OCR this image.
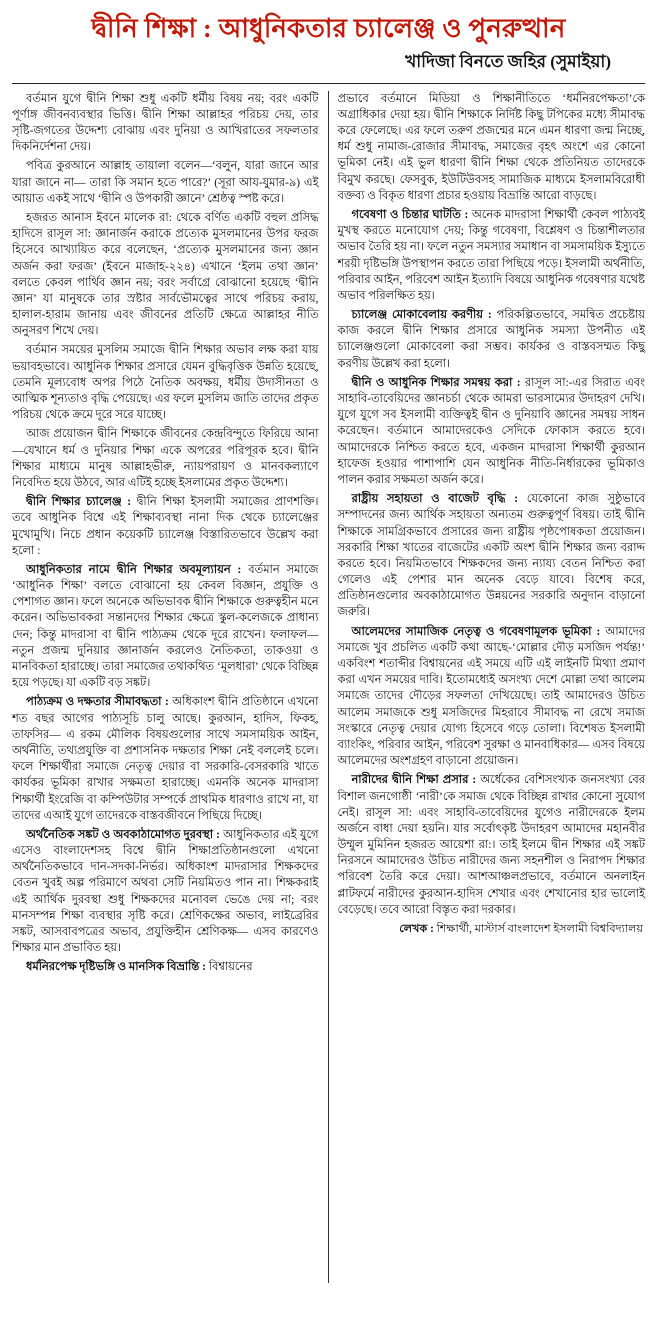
দ্বীনি শিক্ষা : আধুনিকতার চ্যালেঞ্জ ও পুনরুত্থান
খাদিজা বিনতে জহির (সুমাইয়া)

বর্তমান যুগে দ্বীনি শিক্ষা শুধু একটি ধর্মীয় বিষয় নয়; বরং একটি পূর্ণাঙ্গ জীবনব্যবস্থার ভিত্তি। দ্বীনি শিক্ষা আল্লাহর পরিচয় দেয়, তার সৃষ্টি-জগতের উদ্দেশ্য বোঝায় এবং দুনিয়া ও আখিরাতের সফলতার দিকনির্দেশনা দেয়।

পবিত্র কুরআনে আল্লাহ তায়ালা বলেন—‘বলুন, যারা জানে আর যারা জানে না— তারা কি সমান হতে পারে?’ (সূরা আয-যুমার-৯) এই আয়াত একই সাথে ‘দ্বীনি ও উপকারী জ্ঞানে’ শ্রেষ্ঠত্ব স্পষ্ট করে।

হজরত আনাস ইবনে মালেক রা: থেকে বর্ণিত একটি বহুল প্রসিদ্ধ হাদিসে রাসূল সা: জ্ঞানার্জন করাকে প্রত্যেক মুসলমানের উপর ফরজ হিসেবে আখ্যায়িত করে বলেছেন, ‘প্রত্যেক মুসলমানের জন্য জ্ঞান অর্জন করা ফরজ’ (ইবনে মাজাহ-২২৪) এখানে ‘ইলম তথা জ্ঞান’ বলতে কেবল পার্থিব জ্ঞান নয়; বরং সর্বাগ্রে বোঝানো হয়েছে ‘দ্বীনি জ্ঞান’ যা মানুষকে তার স্রষ্টার সার্বভৌমত্বের সাথে পরিচয় করায়, হালাল-হারাম জানায় এবং জীবনের প্রতিটি ক্ষেত্রে আল্লাহর নীতি অনুসরণ শিখে দেয়।

বর্তমান সময়ের মুসলিম সমাজে দ্বীনি শিক্ষার অভাব লক্ষ করা যায় ভয়াবহভাবে। আধুনিক শিক্ষার প্রসারে যেমন বুদ্ধিবৃত্তিক উন্নতি হয়েছে, তেমনি মূল্যবোধ অপর পিঠে নৈতিক অবক্ষয়, ধর্মীয় উদাসীনতা ও আত্মিক শূন্যতাও বৃদ্ধি পেয়েছে। এর ফলে মুসলিম জাতি তাদের প্রকৃত পরিচয় থেকে ক্রমে দূরে সরে যাচ্ছে।

আজ প্রয়োজন দ্বীনি শিক্ষাকে জীবনের কেন্দ্রবিন্দুতে ফিরিয়ে আনা—যেখানে ধর্ম ও দুনিয়ার শিক্ষা একে অপরের পরিপূরক হবে। দ্বীনি শিক্ষার মাধ্যমে মানুষ আল্লাহভীরু, ন্যায়পরায়ণ ও মানবকল্যাণে নিবেদিত হয়ে উঠবে, আর এটিই হচ্ছে ইসলামের প্রকৃত উদ্দেশ্য।

দ্বীনি শিক্ষার চ্যালেঞ্জ : দ্বীনি শিক্ষা ইসলামী সমাজের প্রাণশক্তি। তবে আধুনিক বিশ্বে এই শিক্ষাব্যবস্থা নানা দিক থেকে চ্যালেঞ্জের মুখোমুখি। নিচে প্রধান কয়েকটি চ্যালেঞ্জ বিস্তারিতভাবে উল্লেখ করা হলো :

আধুনিকতার নামে দ্বীনি শিক্ষার অবমূল্যায়ন : বর্তমান সমাজে ‘আধুনিক শিক্ষা’ বলতে বোঝানো হয় কেবল বিজ্ঞান, প্রযুক্তি ও পেশাগত জ্ঞান। ফলে অনেকে অভিভাবক দ্বীনি শিক্ষাকে গুরুত্বহীন মনে করেন। অভিভাবকরা সন্তানদের শিক্ষার ক্ষেত্রে স্কুল-কলেজকে প্রাধান্য দেন; কিন্তু মাদরাসা বা দ্বীনি পাঠ্যক্রম থেকে দূরে রাখেন। ফলাফল— নতুন প্রজন্ম দুনিয়ার জ্ঞানার্জন করলেও নৈতিকতা, তাকওয়া ও মানবিকতা হারাচ্ছে। তারা সমাজের তথাকথিত ‘মূলধারা’ থেকে বিচ্ছিন্ন হয়ে পড়ছে। যা একটি বড় সঙ্কট।

পাঠ্যক্রম ও দক্ষতার সীমাবদ্ধতা : অধিকাংশ দ্বীনি প্রতিষ্ঠানে এখনো শত বছর আগের পাঠ্যসূচি চালু আছে। কুরআন, হাদিস, ফিকহ, তাফসির— এ রকম মৌলিক বিষয়গুলোর সাথে সমসাময়িক আইন, অর্থনীতি, তথ্যপ্রযুক্তি বা প্রশাসনিক দক্ষতার শিক্ষা নেই বললেই চলে। ফলে শিক্ষার্থীরা সমাজে নেতৃত্ব দেয়ার বা সরকারি-বেসরকারি খাতে কার্যকর ভূমিকা রাখার সক্ষমতা হারাচ্ছে। এমনকি অনেক মাদরাসা শিক্ষার্থী ইংরেজি বা কম্পিউটার সম্পর্কে প্রাথমিক ধারণাও রাখে না, যা তাদের এআই যুগে তাদেরকে বাস্তবজীবনে পিছিয়ে দিচ্ছে।

অর্থনৈতিক সঙ্কট ও অবকাঠামোগত দুরবস্থা : আধুনিকতার এই যুগে এসেও বাংলাদেশসহ বিশ্বে দ্বীনি শিক্ষাপ্রতিষ্ঠানগুলো এখনো অর্থনৈতিকভাবে দান-সদকা-নির্ভর। অধিকাংশ মাদরাসার শিক্ষকদের বেতন খুবই অল্প পরিমাণে অথবা সেটি নিয়মিতও পান না। শিক্ষকরাই এই আর্থিক দুরবস্থা শুধু শিক্ষকদের মনোবল ভেঙে দেয় না; বরং মানসম্পন্ন শিক্ষা ব্যবস্থার সৃষ্টি করে। শ্রেণিকক্ষের অভাব, লাইব্রেরির সঙ্কট, আসবাবপত্রের অভাব, প্রযুক্তিহীন শ্রেণিকক্ষ— এসব কারণেও শিক্ষার মান প্রভাবিত হয়।

ধর্মনিরপেক্ষ দৃষ্টিভঙ্গি ও মানসিক বিভ্রান্তি : বিশ্বায়নের

প্রভাবে বর্তমানে মিডিয়া ও শিক্ষানীতিতে ‘ধর্মনিরপেক্ষতা’কে অগ্রাধিকার দেয়া হয়। দ্বীনি শিক্ষাকে নির্দিষ্ট কিছু টপিকের মধ্যে সীমাবদ্ধ করে ফেলেছে। এর ফলে তরুণ প্রজন্মের মনে এমন ধারণা জন্ম নিচ্ছে, ধর্ম শুধু নামাজ-রোজার সীমাবদ্ধ, সমাজের বৃহৎ অংশে এর কোনো ভূমিকা নেই। এই ভুল ধারণা দ্বীনি শিক্ষা থেকে প্রতিনিয়ত তাদেরকে বিমুখ করছে। ফেসবুক, ইউটিউবসহ সামাজিক মাধ্যমে ইসলামবিরোধী বক্তব্য ও বিকৃত ধারণা প্রচার হওয়ায় বিভ্রান্তি আরো বাড়ছে।

গবেষণা ও চিন্তার ঘাটতি : অনেক মাদরাসা শিক্ষার্থী কেবল পাঠ্যবই মুখস্থ করতে মনোযোগ দেয়; কিন্তু গবেষণা, বিশ্লেষণ ও চিন্তাশীলতার অভাব তৈরি হয় না। ফলে নতুন সমস্যার সমাধান বা সমসাময়িক ইস্যুতে শরয়ী দৃষ্টিভঙ্গি উপস্থাপন করতে তারা পিছিয়ে পড়ে। ইসলামী অর্থনীতি, পরিবার আইন, পরিবেশ আইন ইত্যাদি বিষয়ে আধুনিক গবেষণার যথেষ্ট অভাব পরিলক্ষিত হয়।

চ্যালেঞ্জ মোকাবেলায় করণীয় : পরিকল্পিতভাবে, সমন্বিত প্রচেষ্টায় কাজ করলে দ্বীনি শিক্ষার প্রসারে আধুনিক সমস্যা উপনীত এই চ্যালেঞ্জগুলো মোকাবেলা করা সম্ভব। কার্যকর ও বাস্তবসম্মত কিছু করণীয় উল্লেখ করা হলো।

দ্বীনি ও আধুনিক শিক্ষার সমন্বয় করা : রাসূল সা:-এর সিরাত এবং সাহাবি-তাবেয়িদের জ্ঞানচর্চা থেকে আমরা ভারসাম্যের উদাহরণ দেখি। যুগে যুগে সব ইসলামী ব্যক্তিত্বই দ্বীন ও দুনিয়াবি জ্ঞানের সমন্বয় সাধন করেছেন। বর্তমানে আমাদেরকেও সেদিকে ফোকাস করতে হবে। আমাদেরকে নিশ্চিত করতে হবে, একজন মাদরাসা শিক্ষার্থী কুরআন হাফেজ হওয়ার পাশাপাশি যেন আধুনিক নীতি-নির্ধারকের ভূমিকাও পালন করার সক্ষমতা অর্জন করে।

রাষ্ট্রীয় সহায়তা ও বাজেট বৃদ্ধি : যেকোনো কাজ সুষ্ঠুভাবে সম্পাদনের জন্য আর্থিক সহায়তা অন্যতম গুরুত্বপূর্ণ বিষয়। তাই দ্বীনি শিক্ষাকে সামগ্রিকভাবে প্রসারের জন্য রাষ্ট্রীয় পৃষ্ঠপোষকতা প্রয়োজন। সরকারি শিক্ষা খাতের বাজেটের একটি অংশ দ্বীনি শিক্ষার জন্য বরাদ্দ করতে হবে। নিয়মিতভাবে শিক্ষকদের জন্য ন্যায্য বেতন নিশ্চিত করা গেলেও এই পেশার মান অনেক বেড়ে যাবে। বিশেষ করে, প্রতিষ্ঠানগুলোর অবকাঠামোগত উন্নয়নের সরকারি অনুদান বাড়ানো জরুরি।

আলেমদের সামাজিক নেতৃত্ব ও গবেষণামূলক ভূমিকা : আমাদের সমাজে খুব প্রচলিত একটি কথা আছে-‘মোল্লার দৌড় মসজিদ পর্যন্ত!’ একবিংশ শতাব্দীর বিশ্বায়নের এই সময়ে এটি এই লাইনটি মিথ্যা প্রমাণ করা এখন সময়ের দাবি। ইতোমধ্যেই অসংখ্য দেশে মোল্লা তথা আলেম সমাজে তাদের দৌড়ের সফলতা দেখিয়েছে। তাই আমাদেরও উচিত আলেম সমাজকে শুধু মসজিদের মিহরাবে সীমাবদ্ধ না রেখে সমাজ সংস্কারে নেতৃত্ব দেয়ার যোগ্য হিসেবে গড়ে তোলা। বিশেষত ইসলামী ব্যাংকিং, পরিবার আইন, পরিবেশ সুরক্ষা ও মানবাধিকার— এসব বিষয়ে আলেমদের অংশগ্রহণ বাড়ানো প্রয়োজন।

নারীদের দ্বীনি শিক্ষা প্রসার : অর্ধেকের বেশিসংখ্যক জনসংখ্যা বের বিশাল জনগোষ্ঠী ‘নারী’কে সমাজ থেকে বিচ্ছিন্ন রাখার কোনো সুযোগ নেই। রাসূল সা: এবং সাহাবি-তাবেয়িদের যুগেও নারীদেরকে ইলম অর্জনে বাধা দেয়া হয়নি। যার সর্বোৎকৃষ্ট উদাহরণ আমাদের মহানবীর উম্মুল মুমিনিন হজরত আয়েশা রা:। তাই ইলমে দ্বীন শিক্ষার এই সঙ্কট নিরসনে আমাদেরও উচিত নারীদের জন্য সহনশীল ও নিরাপদ শিক্ষার পরিবেশ তৈরি করে দেয়া। আশআঞ্চলপ্রভাবে, বর্তমানে অনলাইন প্লাটফর্মে নারীদের কুরআন-হাদিস শেখার এবং শেখানোর হার ভালোই বেড়েছে। তবে আরো বিস্তৃত করা দরকার।

লেখক : শিক্ষার্থী, মাস্টার্স বাংলাদেশ ইসলামী বিশ্ববিদ্যালয়
